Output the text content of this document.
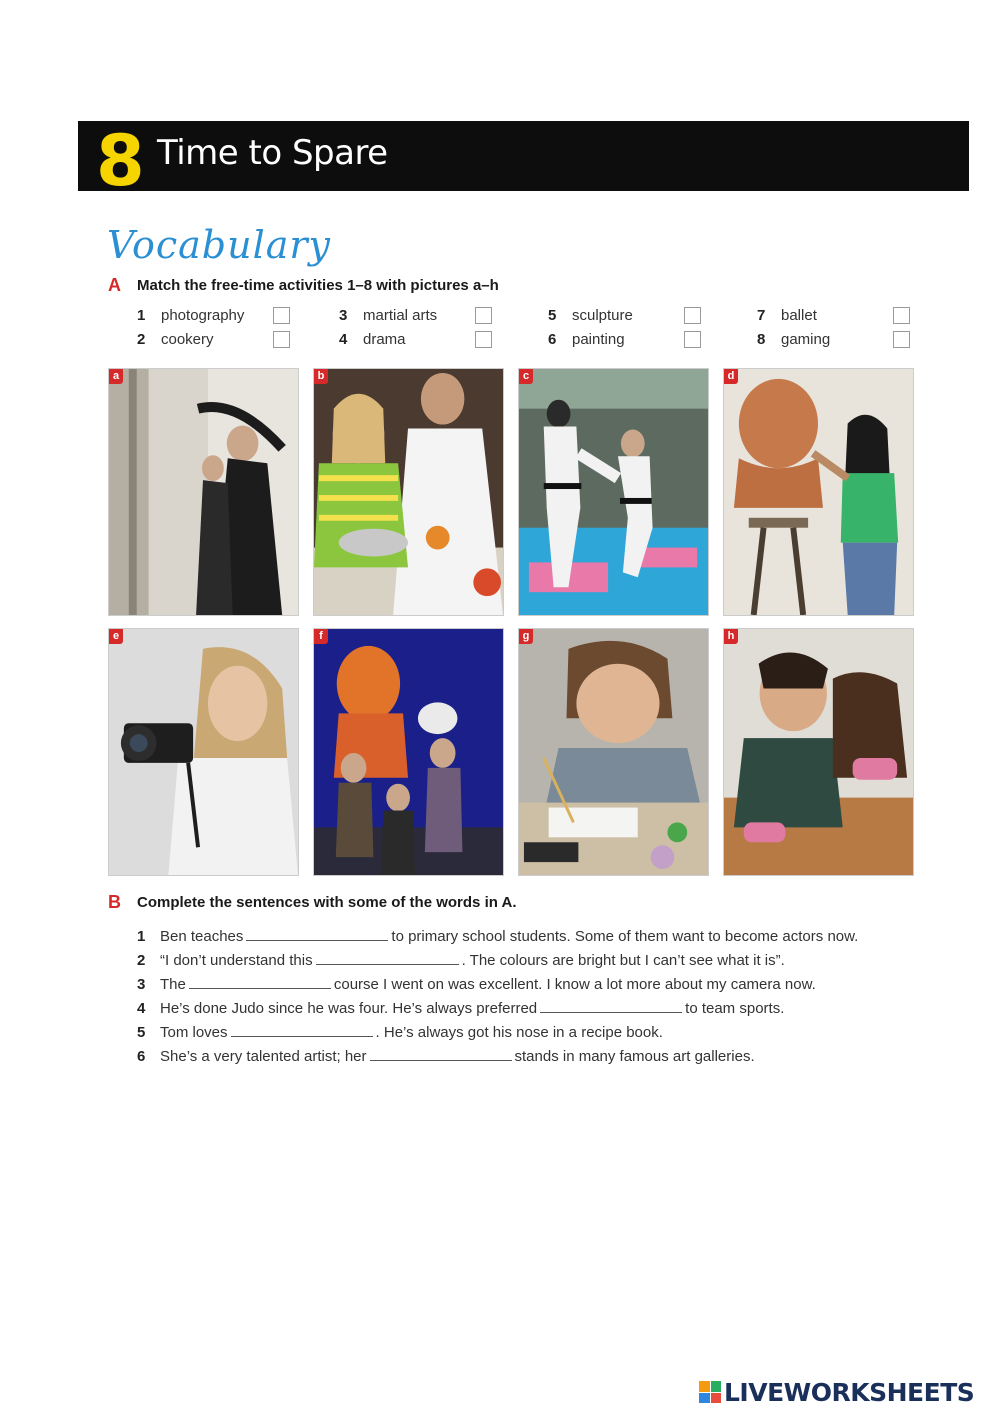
8 Time to Spare
Vocabulary
A Match the free-time activities 1–8 with pictures a–h
1 photography
2 cookery
3 martial arts
4 drama
5 sculpture
6 painting
7 ballet
8 gaming
a	b	c	d
e	f	g	h
B Complete the sentences with some of the words in A.
1 Ben teaches	to primary school students. Some of them want to become actors now.
2 “I don’t understand this	. The colours are bright but I can’t see what it is”.
3 The	course I went on was excellent. I know a lot more about my camera now.
4 He’s done Judo since he was four. He’s always preferred	to team sports.
5 Tom loves	. He’s always got his nose in a recipe book.
6 She’s a very talented artist; her	stands in many famous art galleries.
LIVEWORKSHEETS
